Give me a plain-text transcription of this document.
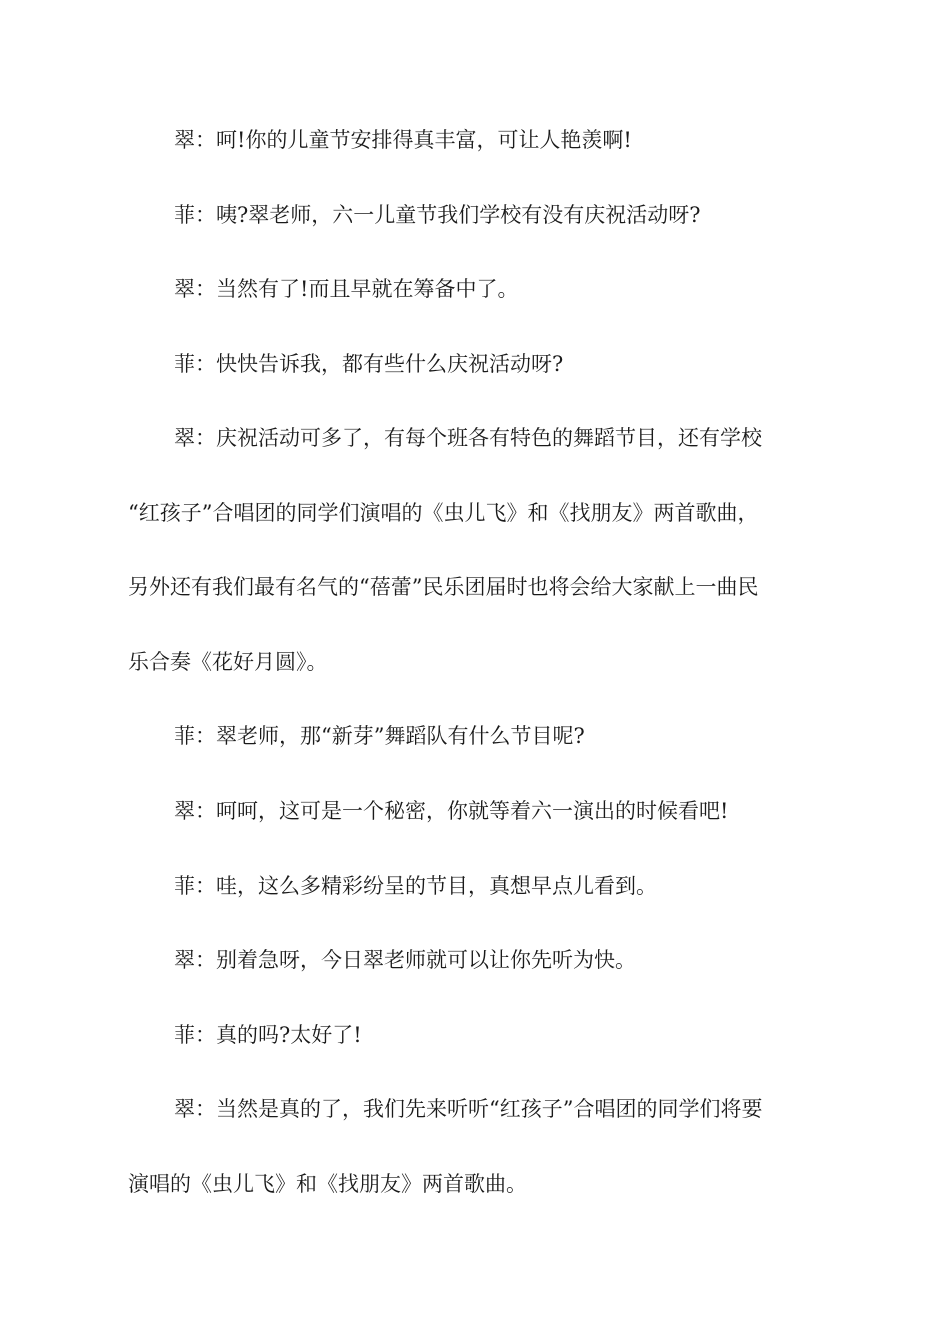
翠：呵!你的儿童节安排得真丰富，可让人艳羡啊!
菲：咦?翠老师，六一儿童节我们学校有没有庆祝活动呀?
翠：当然有了!而且早就在筹备中了。
菲：快快告诉我，都有些什么庆祝活动呀?
翠：庆祝活动可多了，有每个班各有特色的舞蹈节目，还有学校
“红孩子”合唱团的同学们演唱的《虫儿飞》和《找朋友》两首歌曲，
另外还有我们最有名气的“蓓蕾”民乐团届时也将会给大家献上一曲民
乐合奏《花好月圆》。
菲：翠老师，那“新芽”舞蹈队有什么节目呢?
翠：呵呵，这可是一个秘密，你就等着六一演出的时候看吧!
菲：哇，这么多精彩纷呈的节目，真想早点儿看到。
翠：别着急呀，今日翠老师就可以让你先听为快。
菲：真的吗?太好了!
翠：当然是真的了，我们先来听听“红孩子”合唱团的同学们将要
演唱的《虫儿飞》和《找朋友》两首歌曲。
